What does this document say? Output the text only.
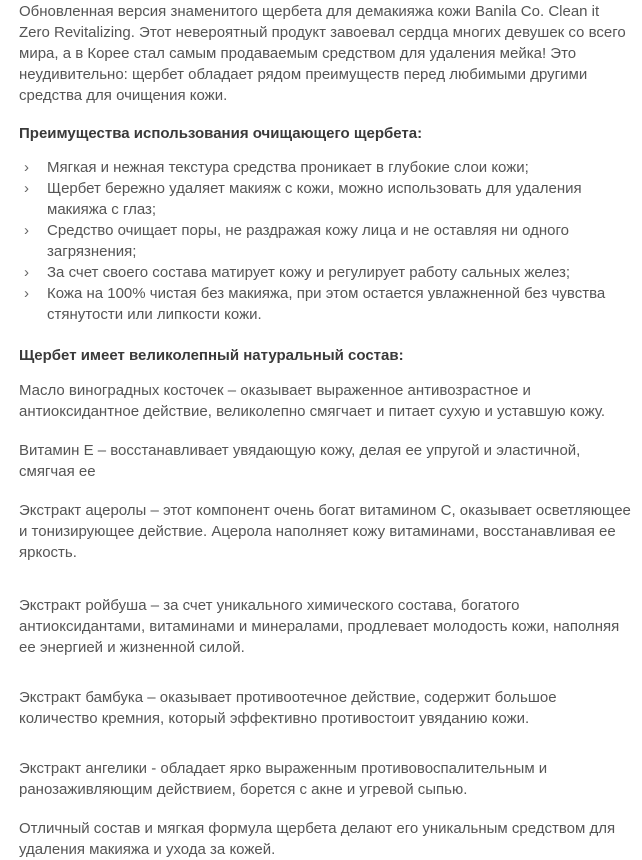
Обновленная версия знаменитого щербета для демакияжа кожи Banila Co. Clean it Zero Revitalizing. Этот невероятный продукт завоевал сердца многих девушек со всего мира, а в Корее стал самым продаваемым средством для удаления мейка! Это неудивительно: щербет обладает рядом преимуществ перед любимыми другими средства для очищения кожи.

Преимущества использования очищающего щербета:
› Мягкая и нежная текстура средства проникает в глубокие слои кожи;
› Щербет бережно удаляет макияж с кожи, можно использовать для удаления макияжа с глаз;
› Средство очищает поры, не раздражая кожу лица и не оставляя ни одного загрязнения;
› За счет своего состава матирует кожу и регулирует работу сальных желез;
› Кожа на 100% чистая без макияжа, при этом остается увлажненной без чувства стянутости или липкости кожи.
Щербет имеет великолепный натуральный состав:

Масло виноградных косточек – оказывает выраженное антивозрастное и антиоксидантное действие, великолепно смягчает и питает сухую и уставшую кожу.

Витамин Е – восстанавливает увядающую кожу, делая ее упругой и эластичной, смягчая ее

Экстракт ацеролы – этот компонент очень богат витамином С, оказывает осветляющее и тонизирующее действие. Ацерола наполняет кожу витаминами, восстанавливая ее яркость.

Экстракт ройбуша – за счет уникального химического состава, богатого антиоксидантами, витаминами и минералами, продлевает молодость кожи, наполняя ее энергией и жизненной силой.

Экстракт бамбука – оказывает противоотечное действие, содержит большое количество кремния, который эффективно противостоит увяданию кожи.

Экстракт ангелики - обладает ярко выраженным противовоспалительным и ранозаживляющим действием, борется с акне и угревой сыпью.

Отличный состав и мягкая формула щербета делают его уникальным средством для удаления макияжа и ухода за кожей.
